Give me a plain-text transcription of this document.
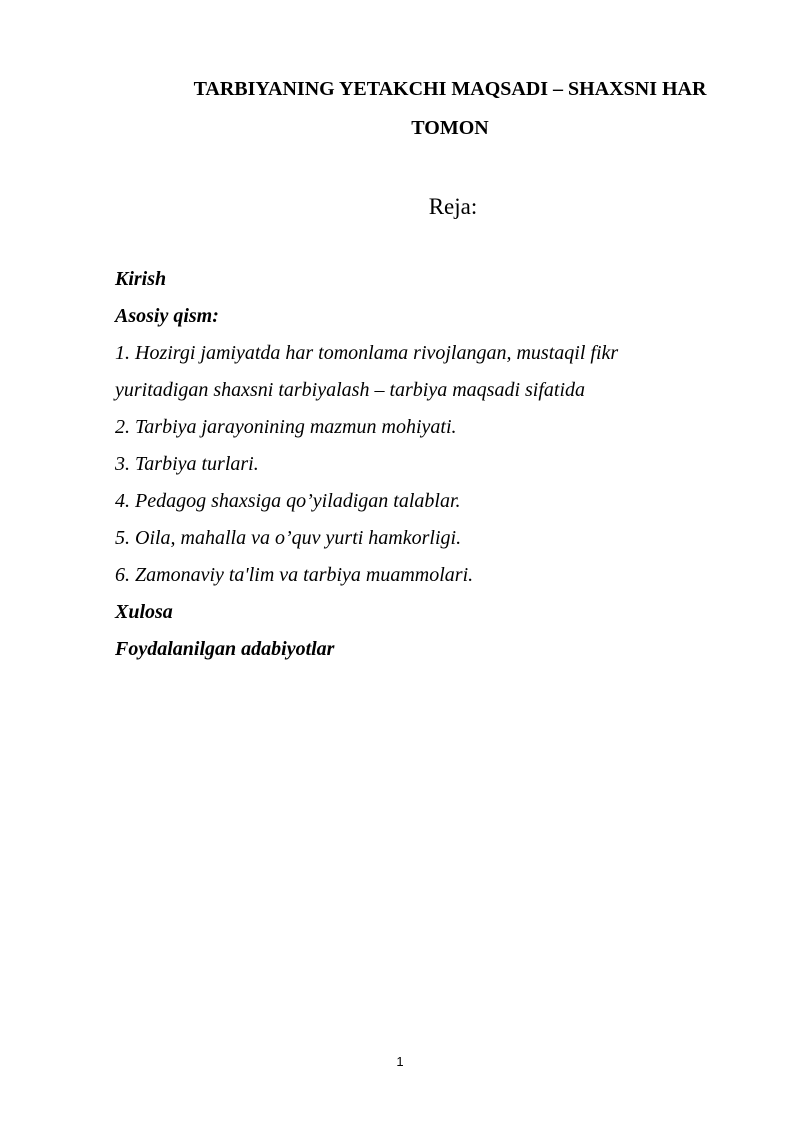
TARBIYANING YETAKCHI MAQSADI – SHAXSNI HAR

TOMON

Reja:

Kirish
Asosiy qism:
1. Hozirgi jamiyatda har tomonlama rivojlangan, mustaqil fikr
yuritadigan shaxsni tarbiyalash – tarbiya maqsadi sifatida
2. Tarbiya jarayonining mazmun mohiyati.
3. Tarbiya turlari.
4. Pedagog shaxsiga qo’yiladigan talablar.
5. Oila, mahalla va o’quv yurti hamkorligi.
6. Zamonaviy ta'lim va tarbiya muammolari.
Xulosa
Foydalanilgan adabiyotlar
1
